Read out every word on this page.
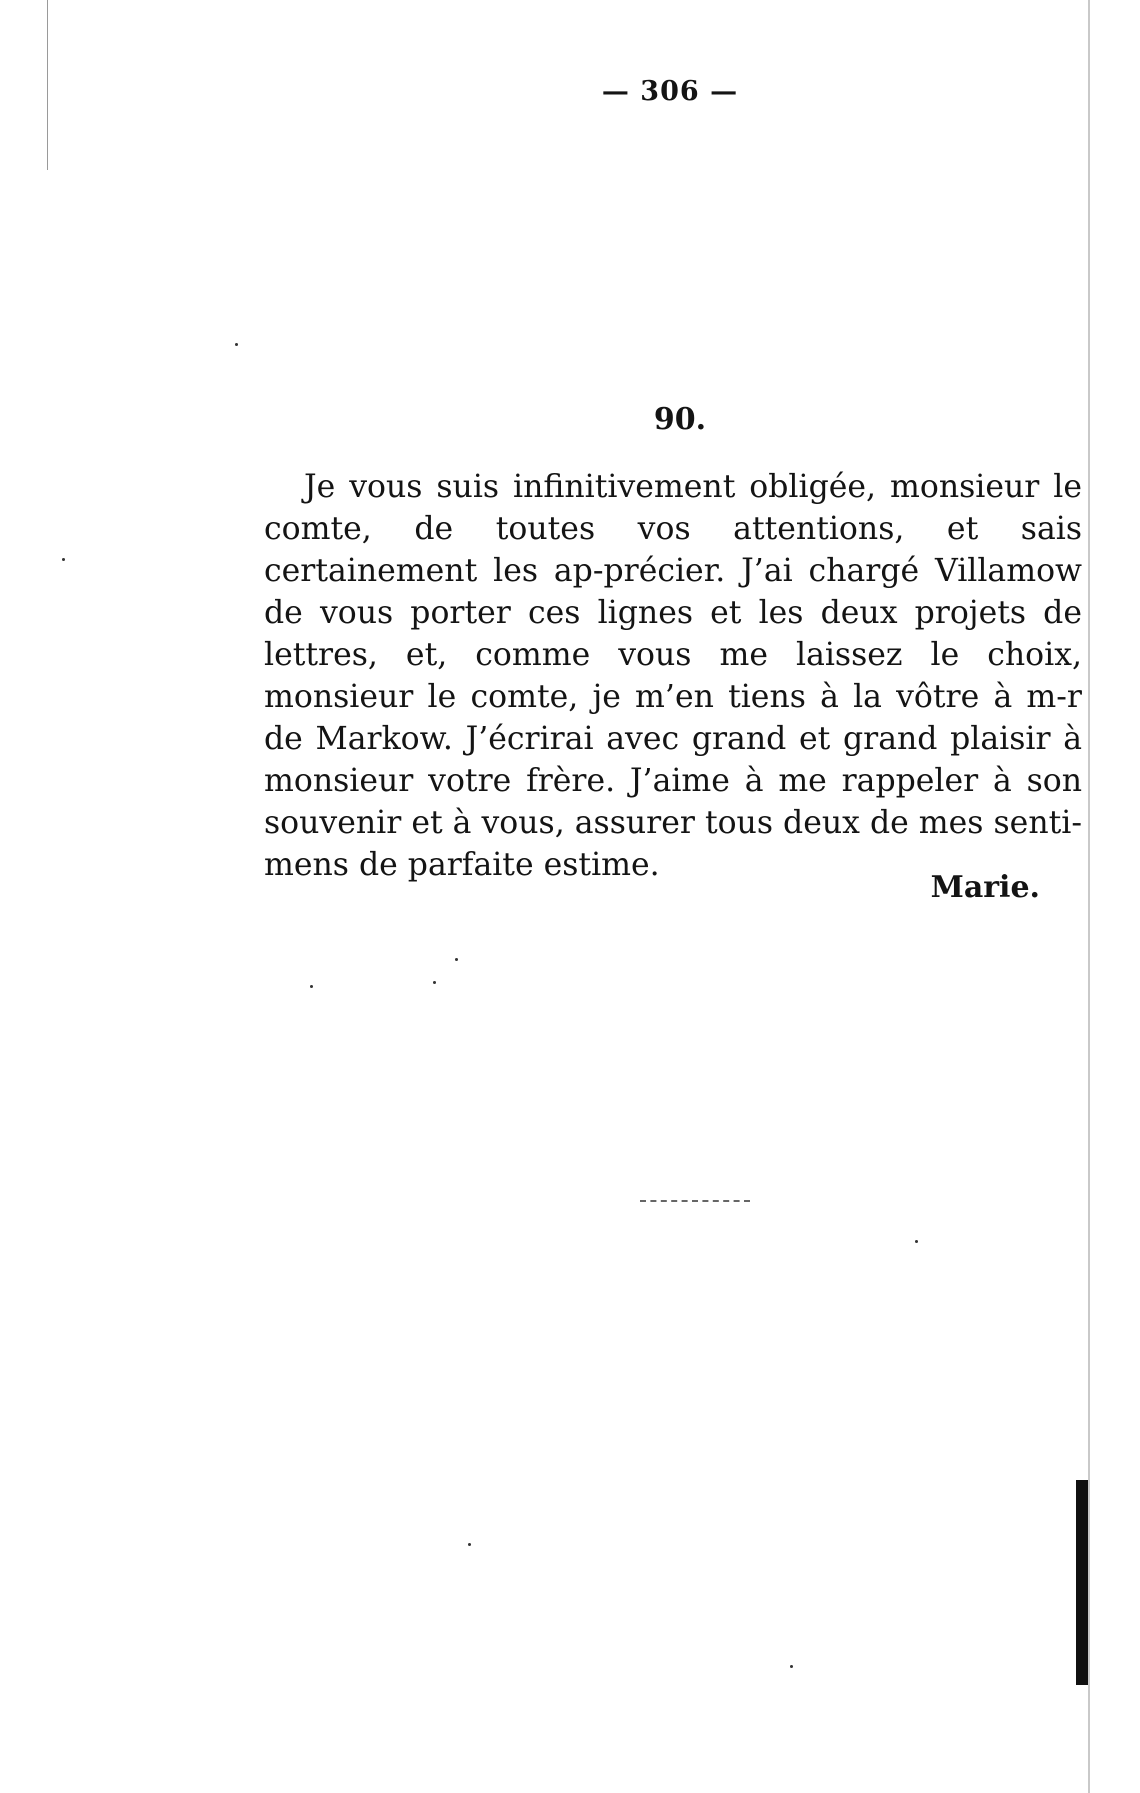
— 306 —
90.

Je vous suis infinitivement obligée, monsieur le comte, de toutes vos attentions, et sais certainement les ap-précier. J’ai chargé Villamow de vous porter ces lignes et les deux projets de lettres, et, comme vous me laissez le choix, monsieur le comte, je m’en tiens à la vôtre à m-r de Markow. J’écrirai avec grand et grand plaisir à monsieur votre frère. J’aime à me rappeler à son souvenir et à vous, assurer tous deux de mes senti-mens de parfaite estime.

Marie.
